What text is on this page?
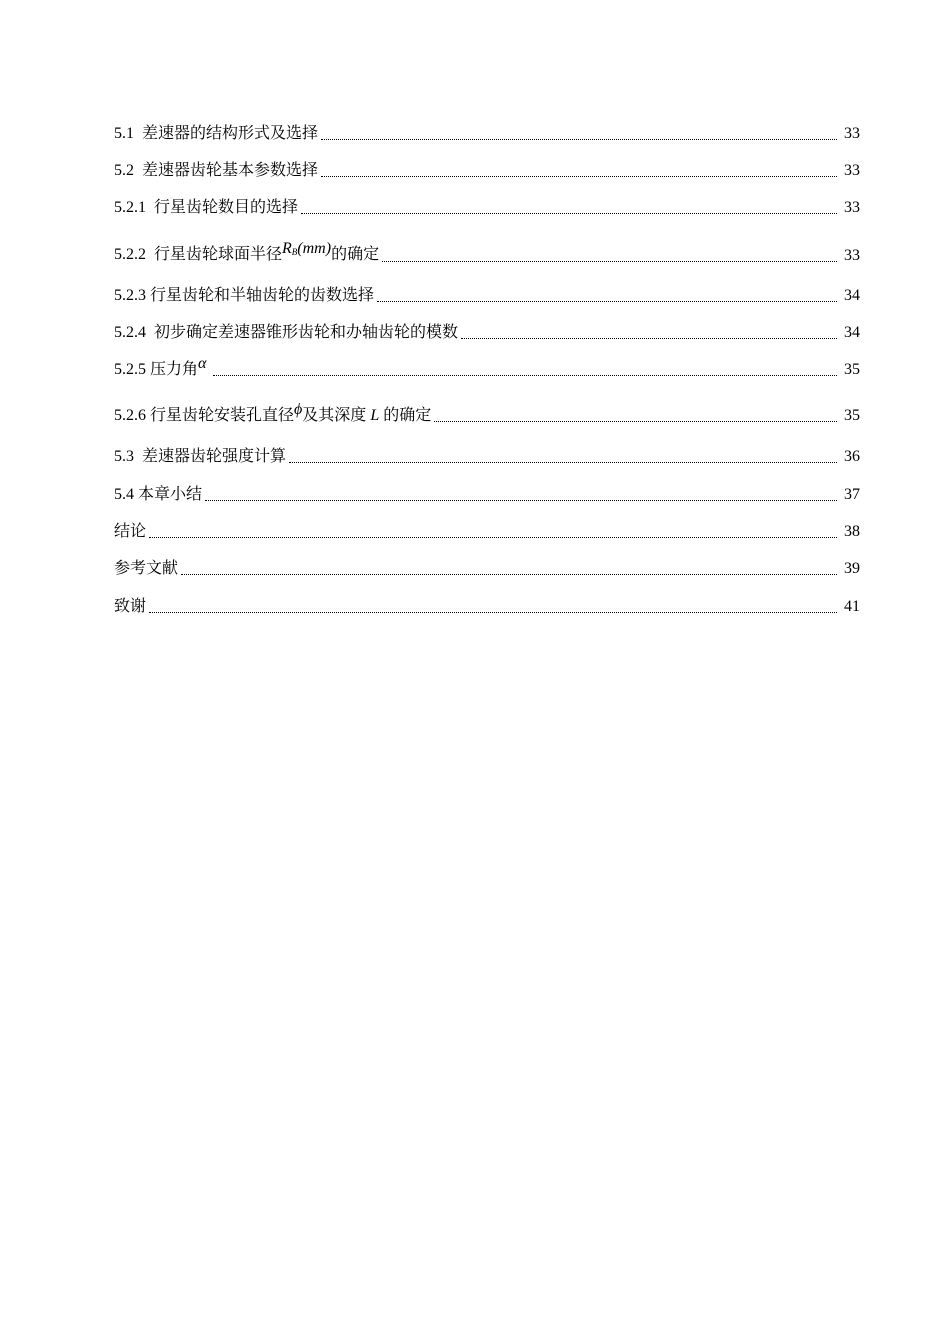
5.1 差速器的结构形式及选择	33
5.2 差速器齿轮基本参数选择	33
5.2.1 行星齿轮数目的选择	33
5.2.2 行星齿轮球面半径RB(mm)的确定	33
5.2.3 行星齿轮和半轴齿轮的齿数选择	34
5.2.4 初步确定差速器锥形齿轮和办轴齿轮的模数	34
5.2.5 压力角α	35
5.2.6 行星齿轮安装孔直径ϕ及其深度 L 的确定	35
5.3 差速器齿轮强度计算	36
5.4 本章小结	37
结论	38
参考文献	39
致谢	41
